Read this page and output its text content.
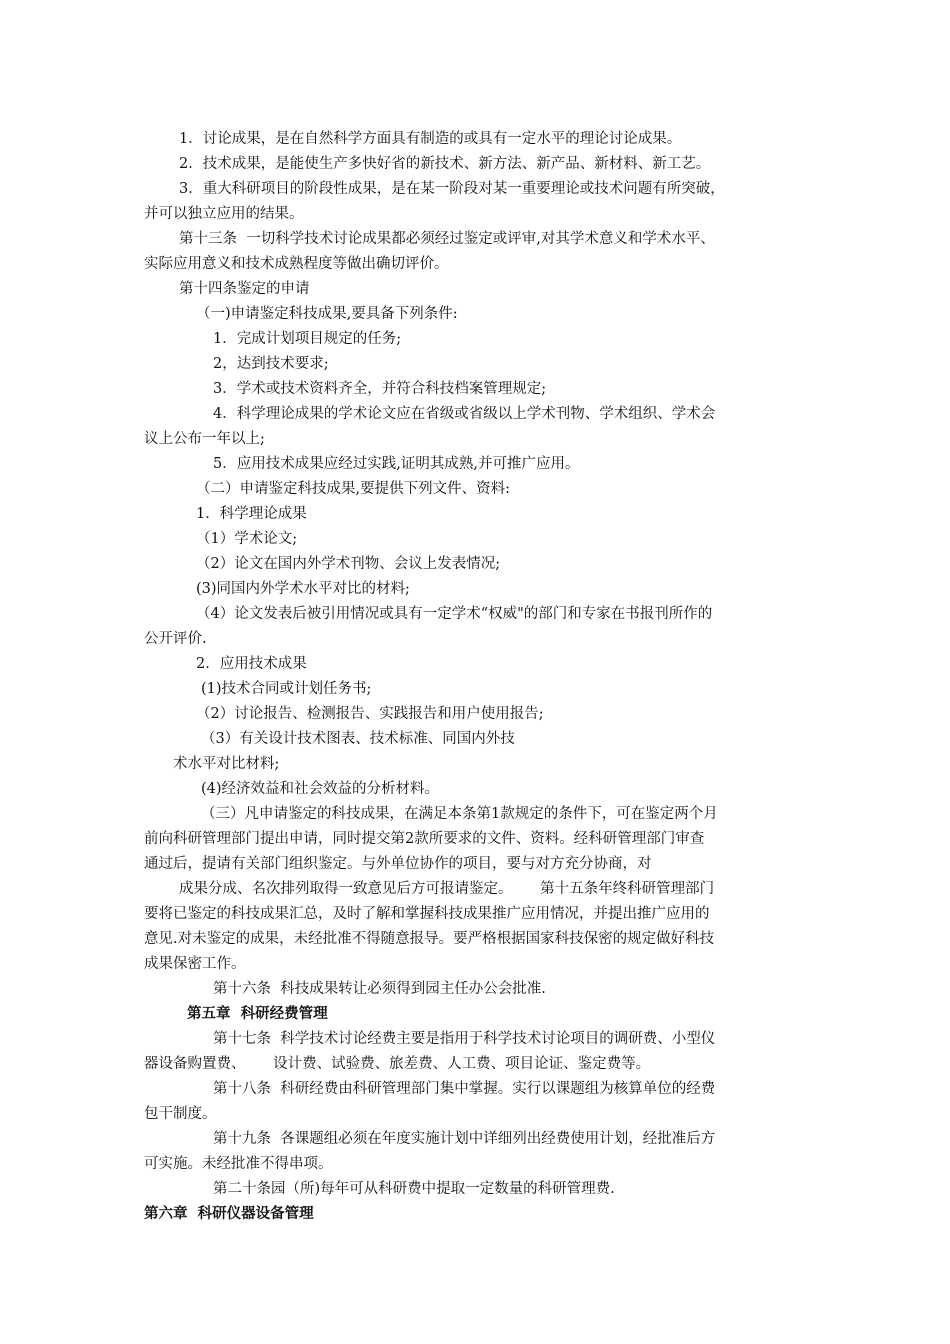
1．讨论成果，是在自然科学方面具有制造的或具有一定水平的理论讨论成果。
2．技术成果，是能使生产多快好省的新技术、新方法、新产品、新材料、新工艺。
3．重大科研项目的阶段性成果，是在某一阶段对某一重要理论或技术问题有所突破，
并可以独立应用的结果。
第十三条  一切科学技术讨论成果都必须经过鉴定或评审,对其学术意义和学术水平、
实际应用意义和技术成熟程度等做出确切评价。
第十四条鉴定的申请
（一)申请鉴定科技成果,要具备下列条件:
1．完成计划项目规定的任务;
2，达到技术要求;
3．学术或技术资料齐全，并符合科技档案管理规定;
4．科学理论成果的学术论文应在省级或省级以上学术刊物、学术组织、学术会
议上公布一年以上;
5．应用技术成果应经过实践,证明其成熟,并可推广应用。
（二）申请鉴定科技成果,要提供下列文件、资料:
1．科学理论成果
（1）学术论文;
（2）论文在国内外学术刊物、会议上发表情况;
(3)同国内外学术水平对比的材料;
（4）论文发表后被引用情况或具有一定学术“权威"的部门和专家在书报刊所作的
公开评价.
2．应用技术成果
(1)技术合同或计划任务书;
（2）讨论报告、检测报告、实践报告和用户使用报告;
（3）有关设计技术图表、技术标准、同国内外技
术水平对比材料;
(4)经济效益和社会效益的分析材料。
（三）凡申请鉴定的科技成果，在满足本条第1款规定的条件下，可在鉴定两个月
前向科研管理部门提出申请，同时提交第2款所要求的文件、资料。经科研管理部门审查
通过后，提请有关部门组织鉴定。与外单位协作的项目，要与对方充分协商，对
成果分成、名次排列取得一致意见后方可报请鉴定。      第十五条年终科研管理部门
要将已鉴定的科技成果汇总，及时了解和掌握科技成果推广应用情况，并提出推广应用的
意见.对未鉴定的成果，未经批准不得随意报导。要严格根据国家科技保密的规定做好科技
成果保密工作。
第十六条  科技成果转让必须得到园主任办公会批准.
第五章  科研经费管理
第十七条  科学技术讨论经费主要是指用于科学技术讨论项目的调研费、小型仪
器设备购置费、      设计费、试验费、旅差费、人工费、项目论证、鉴定费等。
第十八条  科研经费由科研管理部门集中掌握。实行以课题组为核算单位的经费
包干制度。
第十九条  各课题组必须在年度实施计划中详细列出经费使用计划，经批准后方
可实施。未经批准不得串项。
第二十条园（所)每年可从科研费中提取一定数量的科研管理费.
第六章  科研仪器设备管理
